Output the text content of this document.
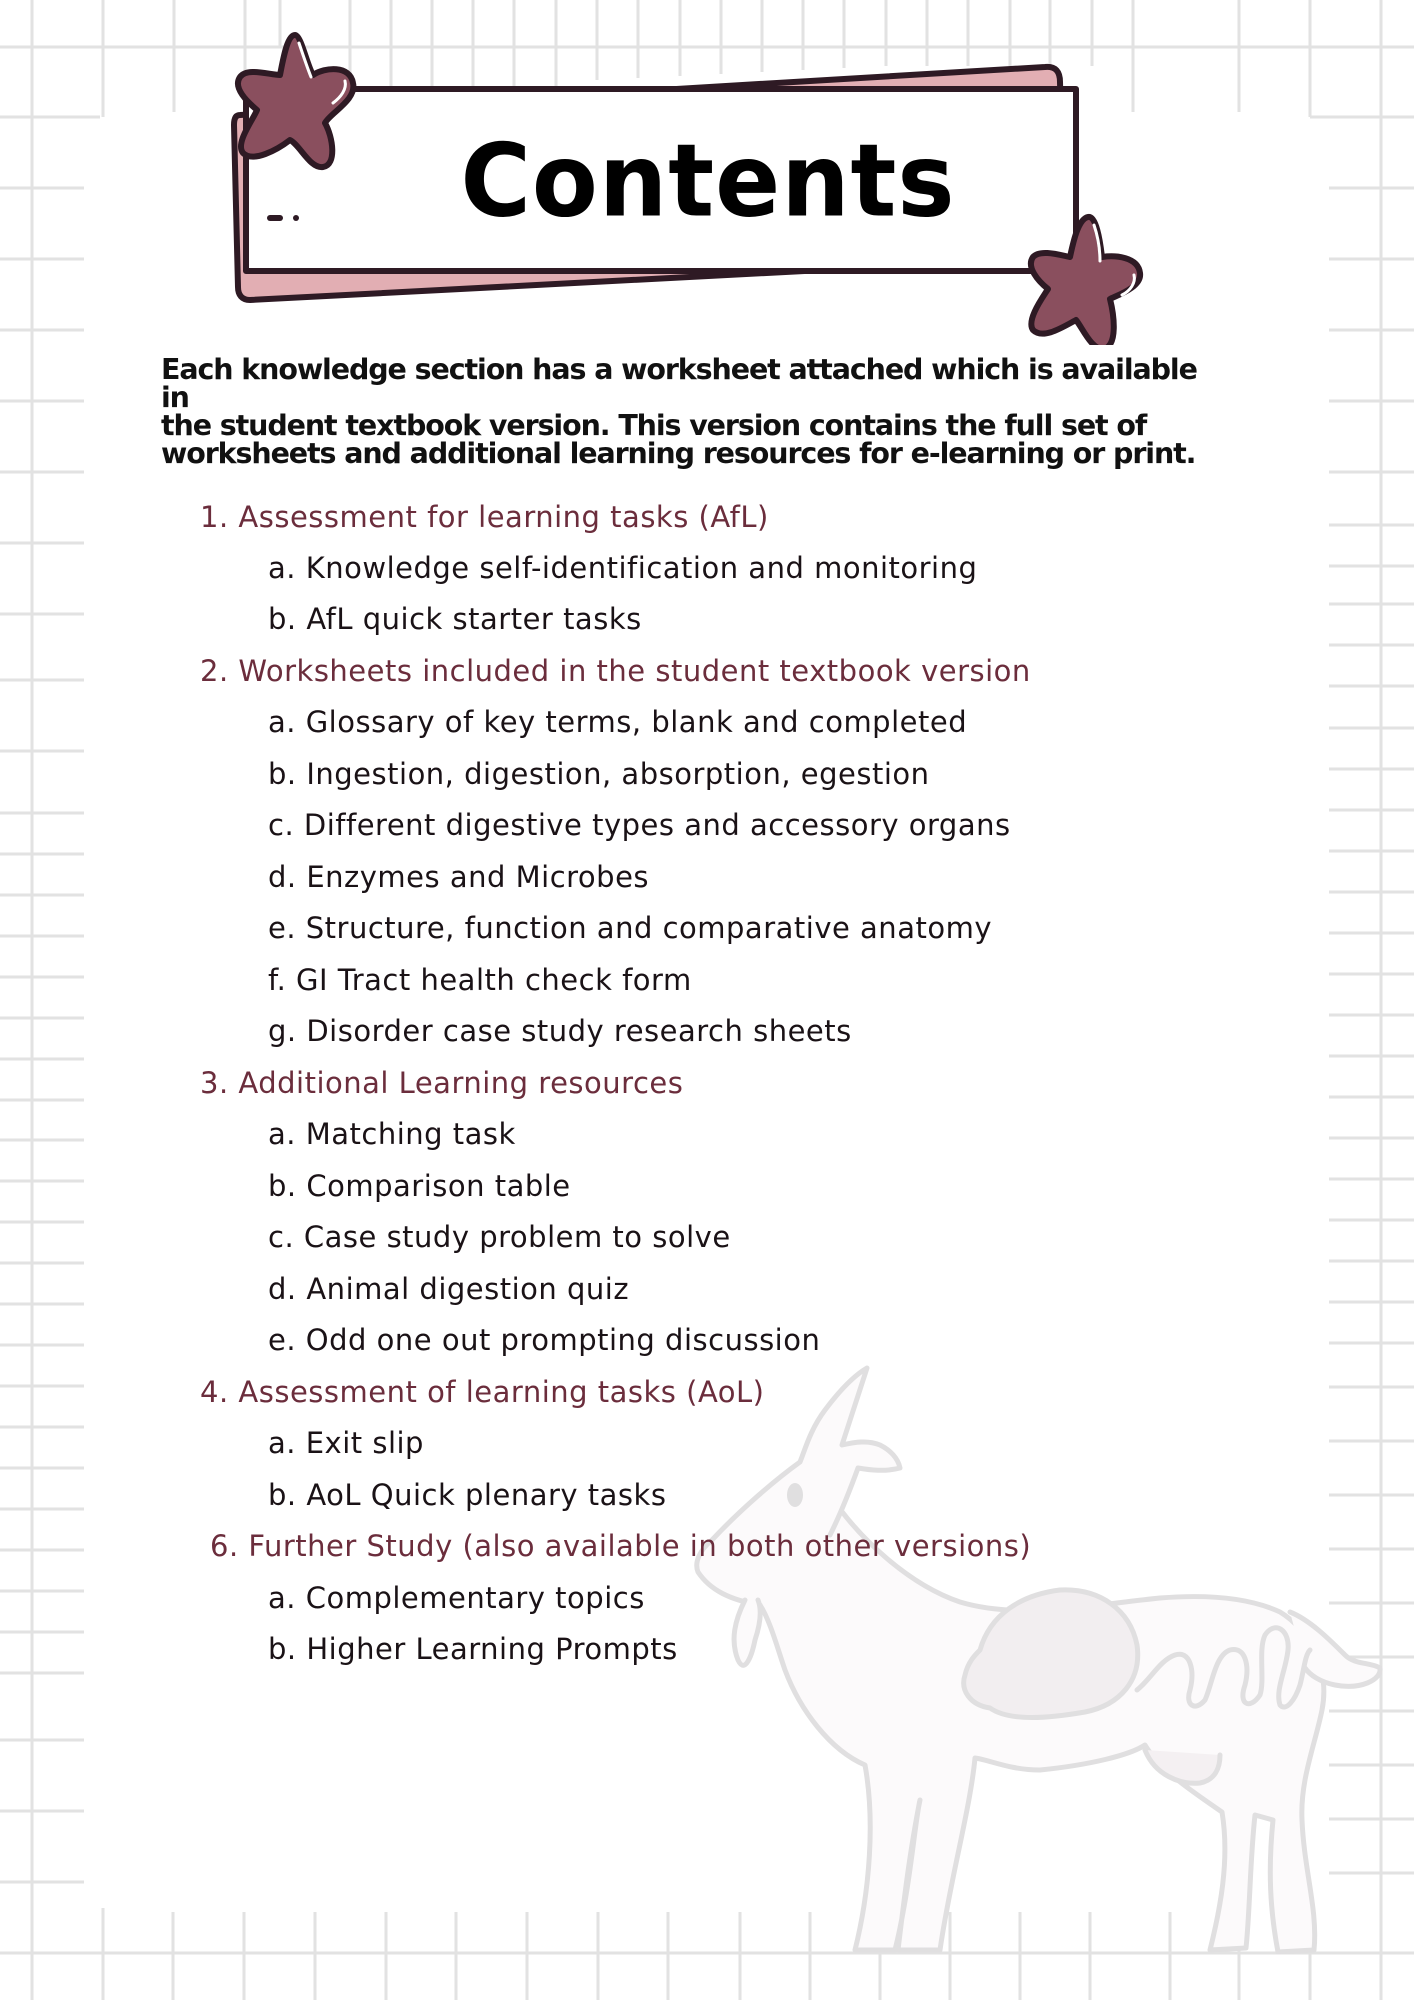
Contents
Each knowledge section has a worksheet attached which is available in
the student textbook version. This version contains the full set of
worksheets and additional learning resources for e-learning or print.
1. Assessment for learning tasks (AfL)
a. Knowledge self-identification and monitoring
b. AfL quick starter tasks
2. Worksheets included in the student textbook version
a. Glossary of key terms, blank and completed
b. Ingestion, digestion, absorption, egestion
c. Different digestive types and accessory organs
d. Enzymes and Microbes
e. Structure, function and comparative anatomy
f. GI Tract health check form
g. Disorder case study research sheets
3. Additional Learning resources
a. Matching task
b. Comparison table
c. Case study problem to solve
d. Animal digestion quiz
e. Odd one out prompting discussion
4. Assessment of learning tasks (AoL)
a. Exit slip
b. AoL Quick plenary tasks
6. Further Study (also available in both other versions)
a. Complementary topics
b. Higher Learning Prompts
